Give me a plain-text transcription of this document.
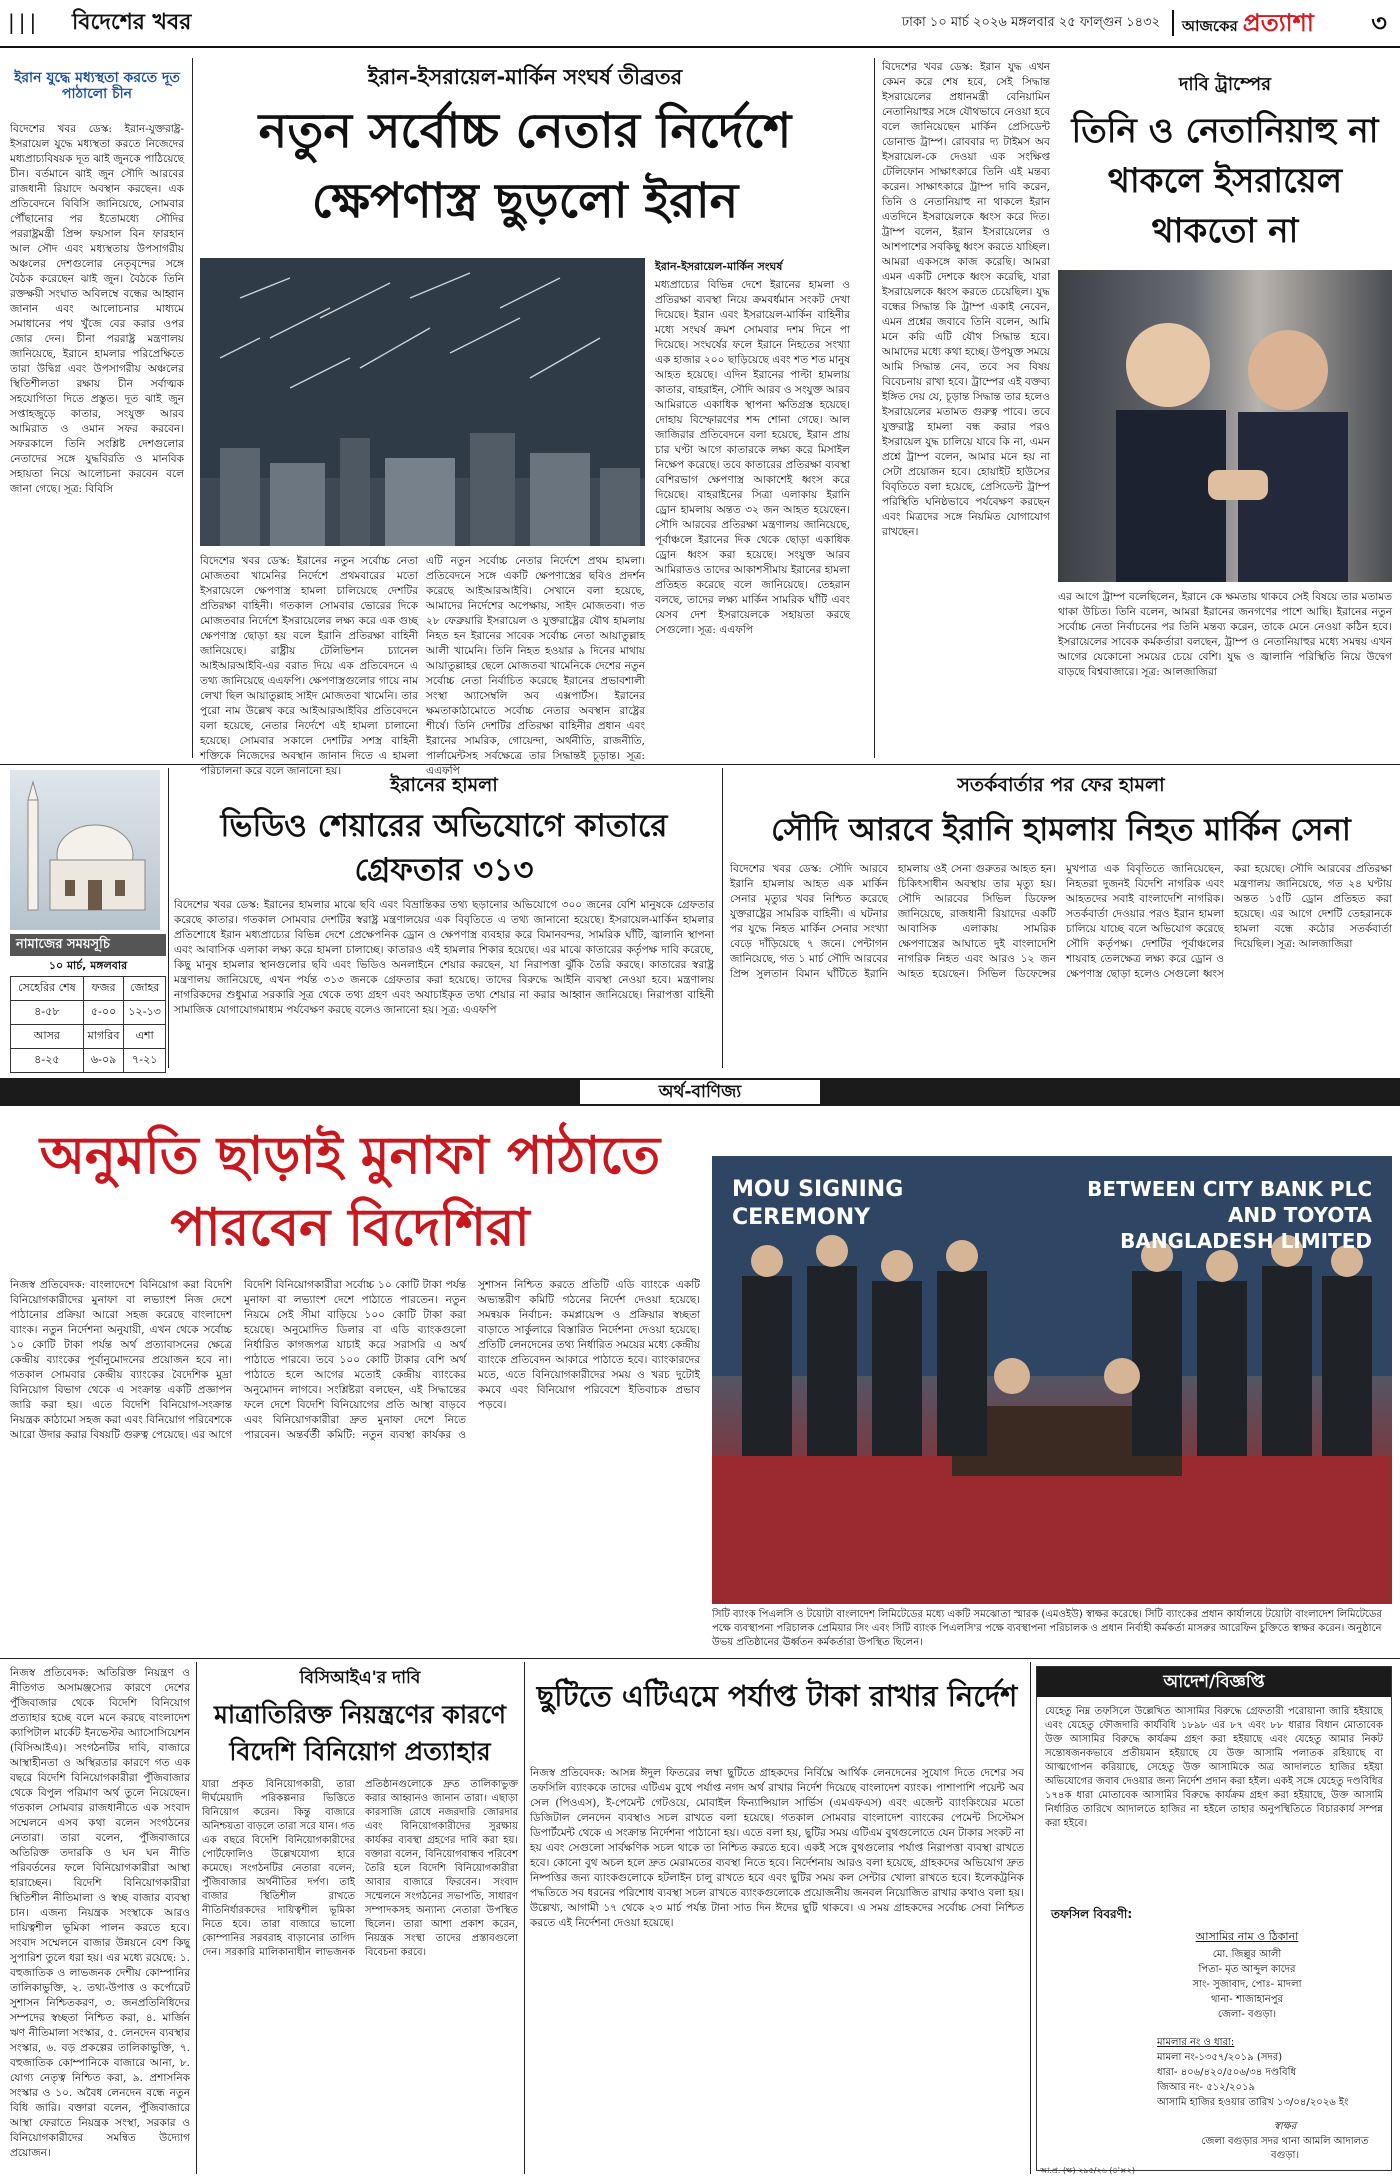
||| বিদেশের খবর	ঢাকা ১০ মার্চ ২০২৬ মঙ্গলবার ২৫ ফাল্গুন ১৪৩২ আজকের প্রত্যাশা	৩
ইরান যুদ্ধে মধ্যস্থতা করতে দূত পাঠালো চীন
বিদেশের খবর ডেস্ক: ইরান-যুক্তরাষ্ট্র-ইসরায়েল যুদ্ধে মধ্যস্থতা করতে নিজেদের মধ্যপ্রাচ্যবিষয়ক দূত ঝাই জুনকে পাঠিয়েছে চীন। বর্তমানে ঝাই জুন সৌদি আরবের রাজধানী রিয়াদে অবস্থান করছেন। এক প্রতিবেদনে বিবিসি জানিয়েছে, সোমবার পৌঁছানোর পর ইতোমধ্যে সৌদির পররাষ্ট্রমন্ত্রী প্রিন্স ফয়সাল বিন ফারহান আল সৌদ এবং মধ্যস্থতায় উপসাগরীয় অঞ্চলের দেশগুলোর নেতৃবৃন্দের সঙ্গে বৈঠক করেছেন ঝাই জুন। বৈঠকে তিনি রক্তক্ষয়ী সংঘাত অবিলম্বে বন্ধের আহ্বান জানান এবং আলোচনার মাধ্যমে সমাধানের পথ খুঁজে বের করার ওপর জোর দেন। চীনা পররাষ্ট্র মন্ত্রণালয় জানিয়েছে, ইরানে হামলার পরিপ্রেক্ষিতে তারা উদ্বিগ্ন এবং উপসাগরীয় অঞ্চলের স্থিতিশীলতা রক্ষায় চীন সর্বাত্মক সহযোগিতা দিতে প্রস্তুত। দূত ঝাই জুন সপ্তাহজুড়ে কাতার, সংযুক্ত আরব আমিরাত ও ওমান সফর করবেন। সফরকালে তিনি সংশ্লিষ্ট দেশগুলোর নেতাদের সঙ্গে যুদ্ধবিরতি ও মানবিক সহায়তা নিয়ে আলোচনা করবেন বলে জানা গেছে। সূত্র: বিবিসি
ইরান-ইসরায়েল-মার্কিন সংঘর্ষ তীব্রতর
নতুন সর্বোচ্চ নেতার নির্দেশে ক্ষেপণাস্ত্র ছুড়লো ইরান
ইরান-ইসরায়েল-মার্কিন সংঘর্ষ
মধ্যপ্রাচ্যের বিভিন্ন দেশে ইরানের হামলা ও প্রতিরক্ষা ব্যবস্থা নিয়ে ক্রমবর্ধমান সংকট দেখা দিয়েছে। ইরান এবং ইসরায়েল-মার্কিন বাহিনীর মধ্যে সংঘর্ষ ক্রমশ সোমবার দশম দিনে পা দিয়েছে। সংঘর্ষের ফলে ইরানে নিহতের সংখ্যা এক হাজার ২০০ ছাড়িয়েছে এবং শত শত মানুষ আহত হয়েছে। এদিন ইরানের পাল্টা হামলায় কাতার, বাহরাইন, সৌদি আরব ও সংযুক্ত আরব আমিরাতে একাধিক স্থাপনা ক্ষতিগ্রস্ত হয়েছে। দোহায় বিস্ফোরণের শব্দ শোনা গেছে। আল জাজিরার প্রতিবেদনে বলা হয়েছে, ইরান প্রায় চার ঘণ্টা আগে কাতারকে লক্ষ্য করে মিসাইল নিক্ষেপ করেছে। তবে কাতারের প্রতিরক্ষা ব্যবস্থা বেশিরভাগ ক্ষেপণাস্ত্র আকাশেই ধ্বংস করে দিয়েছে। বাহরাইনের সিত্রা এলাকায় ইরানি ড্রোন হামলায় অন্তত ৩২ জন আহত হয়েছেন। সৌদি আরবের প্রতিরক্ষা মন্ত্রণালয় জানিয়েছে, পূর্বাঞ্চলে ইরানের দিক থেকে ছোড়া একাধিক ড্রোন ধ্বংস করা হয়েছে। সংযুক্ত আরব আমিরাতও তাদের আকাশসীমায় ইরানের হামলা প্রতিহত করেছে বলে জানিয়েছে। তেহরান বলছে, তাদের লক্ষ্য মার্কিন সামরিক ঘাঁটি এবং যেসব দেশ ইসরায়েলকে সহায়তা করছে সেগুলো। সূত্র: এএফপি
বিদেশের খবর ডেস্ক: ইরানের নতুন সর্বোচ্চ নেতা মোজতবা খামেনির নির্দেশে প্রথমবারের মতো ইসরায়েলে ক্ষেপণাস্ত্র হামলা চালিয়েছে দেশটির প্রতিরক্ষা বাহিনী। গতকাল সোমবার ভোরের দিকে মোজতবার নির্দেশে ইসরায়েলের লক্ষ্য করে এক গুচ্ছ ক্ষেপণাস্ত্র ছোড়া হয় বলে ইরানি প্রতিরক্ষা বাহিনী জানিয়েছে। রাষ্ট্রীয় টেলিভিশন চ্যানেল আইআরআইবি-এর বরাত দিয়ে এক প্রতিবেদনে এ তথ্য জানিয়েছে এএফপি। ক্ষেপণাস্ত্রগুলোর গায়ে নাম লেখা ছিল আয়াতুল্লাহ সাইদ মোজতবা খামেনি। তার পুরো নাম উল্লেখ করে আইআরআইবির প্রতিবেদনে বলা হয়েছে, নেতার নির্দেশে এই হামলা চালানো হয়েছে। সোমবার সকালে দেশটির সশস্ত্র বাহিনী শক্তিকে নিজেদের অবস্থান জানান দিতে এ হামলা পরিচালনা করে বলে জানানো হয়।
এটি নতুন সর্বোচ্চ নেতার নির্দেশে প্রথম হামলা। প্রতিবেদনে সঙ্গে একটি ক্ষেপণাস্ত্রের ছবিও প্রদর্শন করেছে আইআরআইবি। সেখানে বলা হয়েছে, আমাদের নির্দেশের অপেক্ষায়, সাইদ মোজতবা। গত ২৮ ফেব্রুয়ারি ইসরায়েল ও যুক্তরাষ্ট্রের যৌথ হামলায় নিহত হন ইরানের সাবেক সর্বোচ্চ নেতা আয়াতুল্লাহ আলী খামেনি। তিনি নিহত হওয়ার ৯ দিনের মাথায় আয়াতুল্লাহর ছেলে মোজতবা খামেনিকে দেশের নতুন সর্বোচ্চ নেতা নির্বাচিত করেছে ইরানের প্রভাবশালী সংস্থা অ্যাসেম্বলি অব এক্সপার্টস। ইরানের ক্ষমতাকাঠামোতে সর্বোচ্চ নেতার অবস্থান রাষ্ট্রের শীর্ষে। তিনি দেশটির প্রতিরক্ষা বাহিনীর প্রধান এবং ইরানের সামরিক, গোয়েন্দা, অর্থনীতি, রাজনীতি, পার্লামেন্টসহ সর্বক্ষেত্রে তার সিদ্ধান্তই চূড়ান্ত। সূত্র: এএফপি
বিদেশের খবর ডেস্ক: ইরান যুদ্ধ এখন কেমন করে শেষ হবে, সেই সিদ্ধান্ত ইসরায়েলের প্রধানমন্ত্রী বেনিয়ামিন নেতানিয়াহুর সঙ্গে যৌথভাবে নেওয়া হবে বলে জানিয়েছেন মার্কিন প্রেসিডেন্ট ডোনাল্ড ট্রাম্প। রোববার দ্য টাইমস অব ইসরায়েল-কে দেওয়া এক সংক্ষিপ্ত টেলিফোন সাক্ষাৎকারে তিনি এই মন্তব্য করেন। সাক্ষাৎকারে ট্রাম্প দাবি করেন, তিনি ও নেতানিয়াহু না থাকলে ইরান এতদিনে ইসরায়েলকে ধ্বংস করে দিত। ট্রাম্প বলেন, ইরান ইসরায়েলের ও আশপাশের সবকিছু ধ্বংস করতে যাচ্ছিল। আমরা একসঙ্গে কাজ করেছি। আমরা এমন একটি দেশকে ধ্বংস করেছি, যারা ইসরায়েলকে ধ্বংস করতে চেয়েছিল। যুদ্ধ বন্ধের সিদ্ধান্ত কি ট্রাম্প একাই নেবেন, এমন প্রশ্নের জবাবে তিনি বলেন, আমি মনে করি এটি যৌথ সিদ্ধান্ত হবে। আমাদের মধ্যে কথা হচ্ছে। উপযুক্ত সময়ে আমি সিদ্ধান্ত নেব, তবে সব বিষয় বিবেচনায় রাখা হবে। ট্রাম্পের এই বক্তব্য ইঙ্গিত দেয় যে, চূড়ান্ত সিদ্ধান্ত তার হলেও ইসরায়েলের মতামত গুরুত্ব পাবে। তবে যুক্তরাষ্ট্র হামলা বন্ধ করার পরও ইসরায়েল যুদ্ধ চালিয়ে যাবে কি না, এমন প্রশ্নে ট্রাম্প বলেন, আমার মনে হয় না সেটা প্রয়োজন হবে। হোয়াইট হাউসের বিবৃতিতে বলা হয়েছে, প্রেসিডেন্ট ট্রাম্প পরিস্থিতি ঘনিষ্ঠভাবে পর্যবেক্ষণ করছেন এবং মিত্রদের সঙ্গে নিয়মিত যোগাযোগ রাখছেন।
দাবি ট্রাম্পের
তিনি ও নেতানিয়াহু না থাকলে ইসরায়েল থাকতো না
এর আগে ট্রাম্প বলেছিলেন, ইরানে কে ক্ষমতায় থাকবে সেই বিষয়ে তার মতামত থাকা উচিত। তিনি বলেন, আমরা ইরানের জনগণের পাশে আছি। ইরানের নতুন সর্বোচ্চ নেতা নির্বাচনের পর তিনি মন্তব্য করেন, তাকে মেনে নেওয়া কঠিন হবে। ইসরায়েলের সাবেক কর্মকর্তারা বলছেন, ট্রাম্প ও নেতানিয়াহুর মধ্যে সমন্বয় এখন আগের যেকোনো সময়ের চেয়ে বেশি। যুদ্ধ ও জ্বালানি পরিস্থিতি নিয়ে উদ্বেগ বাড়ছে বিশ্ববাজারে। সূত্র: আলজাজিরা
নামাজের সময়সূচি
১০ মার্চ, মঙ্গলবার
সেহেরির শেষ	ফজর	জোহর
৪-৫৮	৫-০০	১২-১৩
আসর	মাগরিব	এশা
৪-২৫	৬-০৯	৭-২১
ইরানের হামলা
ভিডিও শেয়ারের অভিযোগে কাতারে গ্রেফতার ৩১৩
বিদেশের খবর ডেস্ক: ইরানের হামলার মাঝে ছবি এবং বিভ্রান্তিকর তথ্য ছড়ানোর অভিযোগে ৩০০ জনের বেশি মানুষকে গ্রেফতার করেছে কাতার। গতকাল সোমবার দেশটির স্বরাষ্ট্র মন্ত্রণালয়ের এক বিবৃতিতে এ তথ্য জানানো হয়েছে। ইসরায়েল-মার্কিন হামলার প্রতিশোধে ইরান মধ্যপ্রাচ্যের বিভিন্ন দেশে প্রেক্ষেপনিক ড্রোন ও ক্ষেপণাস্ত্র ব্যবহার করে বিমানবন্দর, সামরিক ঘাঁটি, জ্বালানি স্থাপনা এবং আবাসিক এলাকা লক্ষ্য করে হামলা চালাচ্ছে। কাতারও এই হামলার শিকার হয়েছে। এর মাঝে কাতারের কর্তৃপক্ষ দাবি করেছে, কিছু মানুষ হামলার স্থানগুলোর ছবি এবং ভিডিও অনলাইনে শেয়ার করছেন, যা নিরাপত্তা ঝুঁকি তৈরি করছে। কাতারের স্বরাষ্ট্র মন্ত্রণালয় জানিয়েছে, এখন পর্যন্ত ৩১৩ জনকে গ্রেফতার করা হয়েছে। তাদের বিরুদ্ধে আইনি ব্যবস্থা নেওয়া হবে। মন্ত্রণালয় নাগরিকদের শুধুমাত্র সরকারি সূত্র থেকে তথ্য গ্রহণ এবং অযাচাইকৃত তথ্য শেয়ার না করার আহ্বান জানিয়েছে। নিরাপত্তা বাহিনী সামাজিক যোগাযোগমাধ্যম পর্যবেক্ষণ করছে বলেও জানানো হয়। সূত্র: এএফপি
সতর্কবার্তার পর ফের হামলা
সৌদি আরবে ইরানি হামলায় নিহত মার্কিন সেনা
বিদেশের খবর ডেস্ক: সৌদি আরবে ইরানি হামলায় আহত এক মার্কিন সেনার মৃত্যুর খবর নিশ্চিত করেছে যুক্তরাষ্ট্রের সামরিক বাহিনী। এ ঘটনার পর যুদ্ধে নিহত মার্কিন সেনার সংখ্যা বেড়ে দাঁড়িয়েছে ৭ জনে। পেন্টাগন জানিয়েছে, গত ১ মার্চ সৌদি আরবের প্রিন্স সুলতান বিমান ঘাঁটিতে ইরানি হামলায় ওই সেনা গুরুতর আহত হন। চিকিৎসাধীন অবস্থায় তার মৃত্যু হয়। সৌদি আরবের সিভিল ডিফেন্স জানিয়েছে, রাজধানী রিয়াদের একটি আবাসিক এলাকায় সামরিক ক্ষেপণাস্ত্রের আঘাতে দুই বাংলাদেশি নাগরিক নিহত এবং আরও ১২ জন আহত হয়েছেন। সিভিল ডিফেন্সের মুখপাত্র এক বিবৃতিতে জানিয়েছেন, নিহতরা দুজনই বিদেশি নাগরিক এবং আহতদের সবাই বাংলাদেশি নাগরিক। সতর্কবার্তা দেওয়ার পরও ইরান হামলা চালিয়ে যাচ্ছে বলে অভিযোগ করেছে সৌদি কর্তৃপক্ষ। দেশটির পূর্বাঞ্চলের শায়বাহ তেলক্ষেত্র লক্ষ্য করে ড্রোন ও ক্ষেপণাস্ত্র ছোড়া হলেও সেগুলো ধ্বংস করা হয়েছে। সৌদি আরবের প্রতিরক্ষা মন্ত্রণালয় জানিয়েছে, গত ২৪ ঘণ্টায় অন্তত ১৫টি ড্রোন প্রতিহত করা হয়েছে। এর আগে দেশটি তেহরানকে হামলা বন্ধে কঠোর সতর্কবার্তা দিয়েছিল। সূত্র: আলজাজিরা
অর্থ-বাণিজ্য
অনুমতি ছাড়াই মুনাফা পাঠাতে পারবেন বিদেশিরা
নিজস্ব প্রতিবেদক: বাংলাদেশে বিনিয়োগ করা বিদেশি বিনিয়োগকারীদের মুনাফা বা লভ্যাংশ নিজ দেশে পাঠানোর প্রক্রিয়া আরো সহজ করেছে বাংলাদেশ ব্যাংক। নতুন নির্দেশনা অনুযায়ী, এখন থেকে সর্বোচ্চ ১০ কোটি টাকা পর্যন্ত অর্থ প্রত্যাবাসনের ক্ষেত্রে কেন্দ্রীয় ব্যাংকের পূর্বানুমোদনের প্রয়োজন হবে না। গতকাল সোমবার কেন্দ্রীয় ব্যাংকের বৈদেশিক মুদ্রা বিনিয়োগ বিভাগ থেকে এ সংক্রান্ত একটি প্রজ্ঞাপন জারি করা হয়। এতে বিদেশি বিনিয়োগ-সংক্রান্ত নিয়ন্ত্রক কাঠামো সহজ করা এবং বিনিয়োগ পরিবেশকে আরো উদার করার বিষয়টি গুরুত্ব পেয়েছে। এর আগে বিদেশি বিনিয়োগকারীরা সর্বোচ্চ ১০ কোটি টাকা পর্যন্ত মুনাফা বা লভ্যাংশ দেশে পাঠাতে পারতেন। নতুন নিয়মে সেই সীমা বাড়িয়ে ১০০ কোটি টাকা করা হয়েছে। অনুমোদিত ডিলার বা এডি ব্যাংকগুলো নির্ধারিত কাগজপত্র যাচাই করে সরাসরি এ অর্থ পাঠাতে পারবে। তবে ১০০ কোটি টাকার বেশি অর্থ পাঠাতে হলে আগের মতোই কেন্দ্রীয় ব্যাংকের অনুমোদন লাগবে। সংশ্লিষ্টরা বলছেন, এই সিদ্ধান্তের ফলে দেশে বিদেশি বিনিয়োগের প্রতি আস্থা বাড়বে এবং বিনিয়োগকারীরা দ্রুত মুনাফা দেশে নিতে পারবেন। অন্তর্বর্তী কমিটি: নতুন ব্যবস্থা কার্যকর ও সুশাসন নিশ্চিত করতে প্রতিটি এডি ব্যাংকে একটি অভ্যন্তরীণ কমিটি গঠনের নির্দেশ দেওয়া হয়েছে। সমন্বয়ক নির্বাচন: কমপ্লায়েন্স ও প্রক্রিয়ার স্বচ্ছতা বাড়াতে সার্কুলারে বিস্তারিত নির্দেশনা দেওয়া হয়েছে। প্রতিটি লেনদেনের তথ্য নির্ধারিত সময়ের মধ্যে কেন্দ্রীয় ব্যাংকে প্রতিবেদন আকারে পাঠাতে হবে। ব্যাংকারদের মতে, এতে বিনিয়োগকারীদের সময় ও খরচ দুটোই কমবে এবং বিনিয়োগ পরিবেশে ইতিবাচক প্রভাব পড়বে।
MOU SIGNING CEREMONY
BETWEEN CITY BANK PLC AND TOYOTA BANGLADESH LIMITED
সিটি ব্যাংক পিএলসি ও টয়োটা বাংলাদেশ লিমিটেডের মধ্যে একটি সমঝোতা স্মারক (এমওইউ) স্বাক্ষর করেছে। সিটি ব্যাংকের প্রধান কার্যালয়ে টয়োটা বাংলাদেশ লিমিটেডের পক্ষে ব্যবস্থাপনা পরিচালক প্রেমিয়ার সিং এবং সিটি ব্যাংক পিএলসি'র পক্ষে ব্যবস্থাপনা পরিচালক ও প্রধান নির্বাহী কর্মকর্তা মাসরুর আরেফিন চুক্তিতে স্বাক্ষর করেন। অনুষ্ঠানে উভয় প্রতিষ্ঠানের ঊর্ধ্বতন কর্মকর্তারা উপস্থিত ছিলেন।
নিজস্ব প্রতিবেদক: অতিরিক্ত নিয়ন্ত্রণ ও নীতিগত অসামঞ্জস্যের কারণে দেশের পুঁজিবাজার থেকে বিদেশি বিনিয়োগ প্রত্যাহার হচ্ছে বলে মনে করছে বাংলাদেশ ক্যাপিটাল মার্কেট ইনভেস্টর অ্যাসোসিয়েশন (বিসিআইএ)। সংগঠনটির দাবি, বাজারে আস্থাহীনতা ও অস্থিরতার কারণে গত এক বছরে বিদেশি বিনিয়োগকারীরা পুঁজিবাজার থেকে বিপুল পরিমাণ অর্থ তুলে নিয়েছেন। গতকাল সোমবার রাজধানীতে এক সংবাদ সম্মেলনে এসব কথা বলেন সংগঠনের নেতারা। তারা বলেন, পুঁজিবাজারে অতিরিক্ত তদারকি ও ঘন ঘন নীতি পরিবর্তনের ফলে বিনিয়োগকারীরা আস্থা হারাচ্ছেন। বিদেশি বিনিয়োগকারীরা স্থিতিশীল নীতিমালা ও স্বচ্ছ বাজার ব্যবস্থা চান। এজন্য নিয়ন্ত্রক সংস্থাকে আরও দায়িত্বশীল ভূমিকা পালন করতে হবে। সংবাদ সম্মেলনে বাজার উন্নয়নে বেশ কিছু সুপারিশ তুলে ধরা হয়। এর মধ্যে রয়েছে: ১. বহুজাতিক ও লাভজনক দেশীয় কোম্পানির তালিকাভুক্তি, ২. তথ্য-উপাত্ত ও কর্পোরেট সুশাসন নিশ্চিতকরণ, ৩. জনপ্রতিনিধিদের সম্পদের স্বচ্ছতা নিশ্চিত করা, ৪. মার্জিন ঋণ নীতিমালা সংস্কার, ৫. লেনদেন ব্যবস্থার সংস্কার, ৬. বড় প্রকল্পের তালিকাভুক্তি, ৭. বহুজাতিক কোম্পানিকে বাজারে আনা, ৮. যোগ্য নেতৃত্ব নিশ্চিত করা, ৯. প্রশাসনিক সংস্কার ও ১০. অবৈধ লেনদেন বন্ধে নতুন বিধি জারি। বক্তারা বলেন, পুঁজিবাজারে আস্থা ফেরাতে নিয়ন্ত্রক সংস্থা, সরকার ও বিনিয়োগকারীদের সমন্বিত উদ্যোগ প্রয়োজন।
বিসিআইএ'র দাবি
মাত্রাতিরিক্ত নিয়ন্ত্রণের কারণে বিদেশি বিনিয়োগ প্রত্যাহার
যারা প্রকৃত বিনিয়োগকারী, তারা দীর্ঘমেয়াদি পরিকল্পনার ভিত্তিতে বিনিয়োগ করেন। কিন্তু বাজারে অনিশ্চয়তা বাড়লে তারা সরে যান। গত এক বছরে বিদেশি বিনিয়োগকারীদের পোর্টফোলিও উল্লেখযোগ্য হারে কমেছে। সংগঠনটির নেতারা বলেন, পুঁজিবাজার অর্থনীতির দর্পণ। তাই বাজার স্থিতিশীল রাখতে নীতিনির্ধারকদের দায়িত্বশীল ভূমিকা নিতে হবে। তারা বাজারে ভালো কোম্পানির সরবরাহ বাড়ানোর তাগিদ দেন। সরকারি মালিকানাধীন লাভজনক প্রতিষ্ঠানগুলোকে দ্রুত তালিকাভুক্ত করার আহ্বানও জানান তারা। এছাড়া কারসাজি রোধে নজরদারি জোরদার এবং বিনিয়োগকারীদের সুরক্ষায় কার্যকর ব্যবস্থা গ্রহণের দাবি করা হয়। বক্তারা বলেন, বিনিয়োগবান্ধব পরিবেশ তৈরি হলে বিদেশি বিনিয়োগকারীরা আবার বাজারে ফিরবেন। সংবাদ সম্মেলনে সংগঠনের সভাপতি, সাধারণ সম্পাদকসহ অন্যান্য নেতারা উপস্থিত ছিলেন। তারা আশা প্রকাশ করেন, নিয়ন্ত্রক সংস্থা তাদের প্রস্তাবগুলো বিবেচনা করবে।
ছুটিতে এটিএমে পর্যাপ্ত টাকা রাখার নির্দেশ
নিজস্ব প্রতিবেদক: আসন্ন ঈদুল ফিতরের লম্বা ছুটিতে গ্রাহকদের নির্বিঘ্নে আর্থিক লেনদেনের সুযোগ দিতে দেশের সব তফসিলি ব্যাংককে তাদের এটিএম বুথে পর্যাপ্ত নগদ অর্থ রাখার নির্দেশ দিয়েছে বাংলাদেশ ব্যাংক। পাশাপাশি পয়েন্ট অব সেল (পিওএস), ই-পেমেন্ট গেটওয়ে, মোবাইল ফিন্যান্সিয়াল সার্ভিস (এমএফএস) এবং এজেন্ট ব্যাংকিংয়ের মতো ডিজিটাল লেনদেন ব্যবস্থাও সচল রাখতে বলা হয়েছে। গতকাল সোমবার বাংলাদেশ ব্যাংকের পেমেন্ট সিস্টেমস ডিপার্টমেন্ট থেকে এ সংক্রান্ত নির্দেশনা পাঠানো হয়। এতে বলা হয়, ছুটির সময় এটিএম বুথগুলোতে যেন টাকার সংকট না হয় এবং সেগুলো সার্বক্ষণিক সচল থাকে তা নিশ্চিত করতে হবে। একই সঙ্গে বুথগুলোর পর্যাপ্ত নিরাপত্তা ব্যবস্থা রাখতে হবে। কোনো বুথ অচল হলে দ্রুত মেরামতের ব্যবস্থা নিতে হবে। নির্দেশনায় আরও বলা হয়েছে, গ্রাহকদের অভিযোগ দ্রুত নিষ্পত্তির জন্য ব্যাংকগুলোকে হটলাইন চালু রাখতে হবে এবং ছুটির সময় কল সেন্টার খোলা রাখতে হবে। ইলেকট্রনিক পদ্ধতিতে সব ধরনের পরিশোধ ব্যবস্থা সচল রাখতে ব্যাংকগুলোকে প্রয়োজনীয় জনবল নিয়োজিত রাখার কথাও বলা হয়। উল্লেখ্য, আগামী ১৭ থেকে ২৩ মার্চ পর্যন্ত টানা সাত দিন ঈদের ছুটি থাকবে। এ সময় গ্রাহকদের সর্বোচ্চ সেবা নিশ্চিত করতে এই নির্দেশনা দেওয়া হয়েছে।
আদেশ/বিজ্ঞপ্তি
যেহেতু নিম্ন তফসিলে উল্লেখিত আসামির বিরুদ্ধে গ্রেফতারী পরোয়ানা জারি হইয়াছে এবং যেহেতু ফৌজদারি কার্যবিধি ১৮৯৮ এর ৮৭ এবং ৮৮ ধারার বিধান মোতাবেক উক্ত আসামির বিরুদ্ধে কার্যক্রম গ্রহণ করা হইয়াছে এবং যেহেতু আমার নিকট সন্তোষজনকভাবে প্রতীয়মান হইয়াছে যে উক্ত আসামি পলাতক রহিয়াছে বা আত্মগোপন করিয়াছে, সেহেতু উক্ত আসামিকে অত্র আদালতে হাজির হইয়া অভিযোগের জবাব দেওয়ার জন্য নির্দেশ প্রদান করা হইল। একই সঙ্গে যেহেতু দণ্ডবিধির ১৭৪ক ধারা মোতাবেক আসামির বিরুদ্ধে কার্যক্রম গ্রহণ করা হইয়াছে, উক্ত আসামি নির্ধারিত তারিখে আদালতে হাজির না হইলে তাহার অনুপস্থিতিতে বিচারকার্য সম্পন্ন করা হইবে।
তফসিল বিবরণী:
আসামির নাম ও ঠিকানা
মো. জিল্লুর আলী
পিতা- মৃত আব্দুল কাদের
সাং- সুজাবাদ, পোঃ- মাদলা
থানা- শাজাহানপুর
জেলা- বগুড়া।
মামলার নং ও ধারা:
মামলা নং-১৩৫৭/২০১৯ (সদর)
ধারা- ৪০৬/৪২০/৫০৬/৩৪ দণ্ডবিধি
জিআর নং- ৫১২/২০১৯
আসামি হাজির হওয়ার তারিখ ১৩/০৪/২০২৬ ইং
স্বাক্ষর
জেলা বগুড়ার সদর থানা আমলি আদালত বগুড়া।
আ.প্র. (ক্ষ) ২৯৫/২৬ (৪'×২)
